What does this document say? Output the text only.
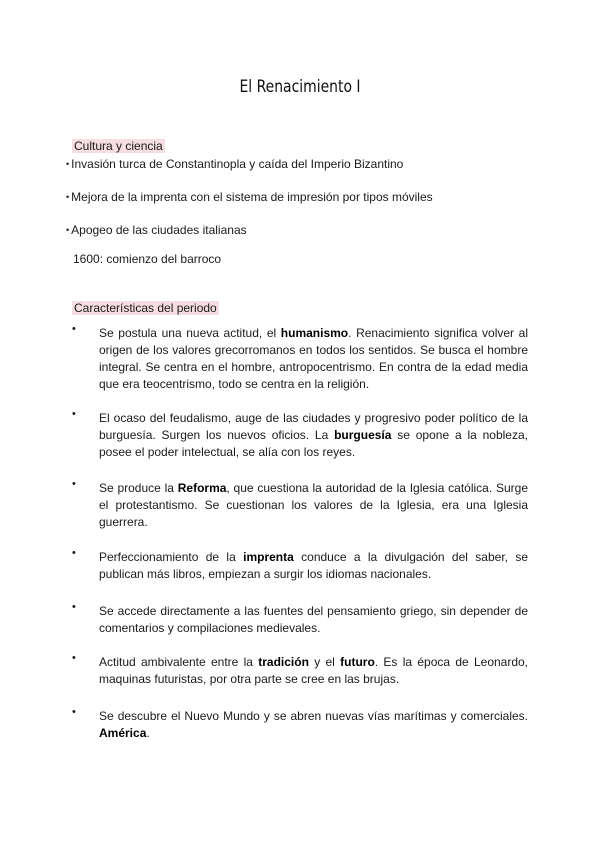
El Renacimiento I
Cultura y ciencia
• Invasión turca de Constantinopla y caída del Imperio Bizantino
• Mejora de la imprenta con el sistema de impresión por tipos móviles
• Apogeo de las ciudades italianas
1600: comienzo del barroco
Características del periodo
• Se postula una nueva actitud, el humanismo. Renacimiento significa volver al origen de los valores grecorromanos en todos los sentidos. Se busca el hombre integral. Se centra en el hombre, antropocentrismo. En contra de la edad media que era teocentrismo, todo se centra en la religión.
• El ocaso del feudalismo, auge de las ciudades y progresivo poder político de la burguesía. Surgen los nuevos oficios. La burguesía se opone a la nobleza, posee el poder intelectual, se alía con los reyes.
• Se produce la Reforma, que cuestiona la autoridad de la Iglesia católica. Surge el protestantismo. Se cuestionan los valores de la Iglesia, era una Iglesia guerrera.
• Perfeccionamiento de la imprenta conduce a la divulgación del saber, se publican más libros, empiezan a surgir los idiomas nacionales.
• Se accede directamente a las fuentes del pensamiento griego, sin depender de comentarios y compilaciones medievales.
• Actitud ambivalente entre la tradición y el futuro. Es la época de Leonardo, maquinas futuristas, por otra parte se cree en las brujas.
• Se descubre el Nuevo Mundo y se abren nuevas vías marítimas y comerciales. América.
